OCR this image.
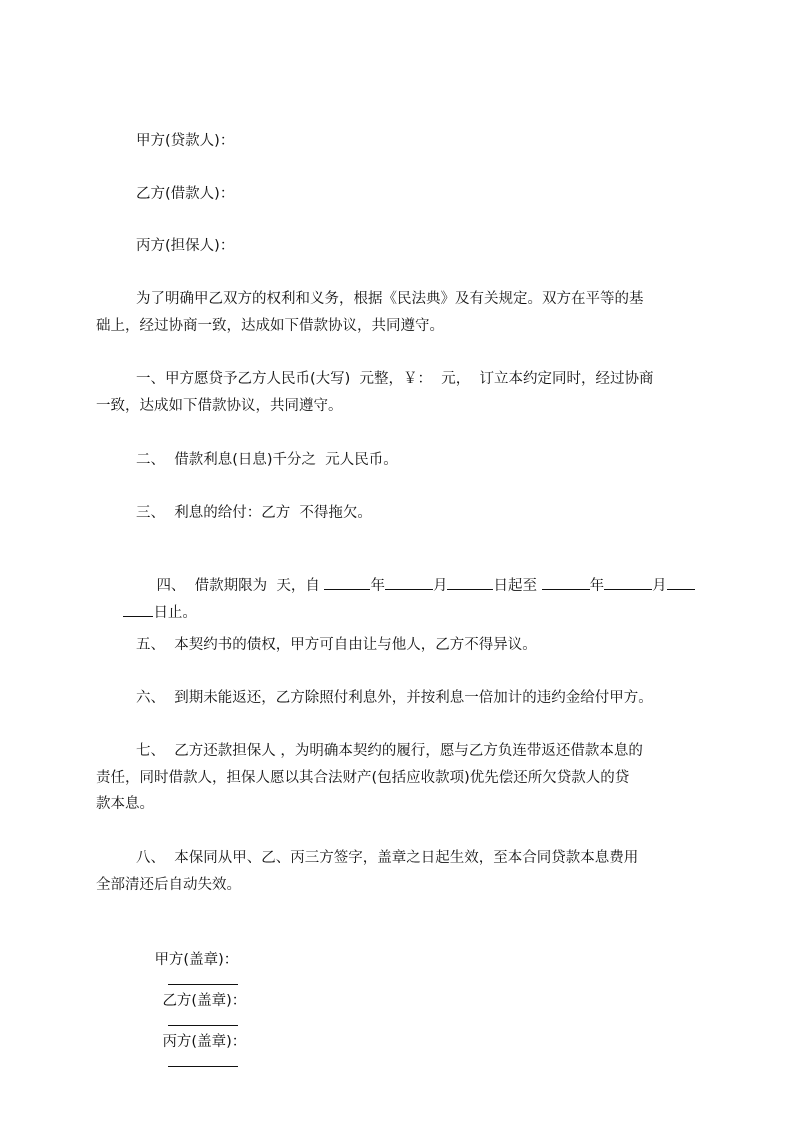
甲方(贷款人)：
乙方(借款人)：
丙方(担保人)：
为了明确甲乙双方的权利和义务，根据《民法典》及有关规定。双方在平等的基
础上，经过协商一致，达成如下借款协议，共同遵守。
一、甲方愿贷予乙方人民币(大写)  元整，￥：  元，  订立本约定同时，经过协商
一致，达成如下借款协议，共同遵守。
二、  借款利息(日息)千分之  元人民币。
三、  利息的给付：乙方  不得拖欠。

四、  借款期限为  天，自	年	月	日起至	年	月

日止。

五、  本契约书的债权，甲方可自由让与他人，乙方不得异议。
六、  到期未能返还，乙方除照付利息外，并按利息一倍加计的违约金给付甲方。
七、  乙方还款担保人 ，为明确本契约的履行，愿与乙方负连带返还借款本息的
责任，同时借款人，担保人愿以其合法财产(包括应收款项)优先偿还所欠贷款人的贷
款本息。
八、  本保同从甲、乙、丙三方签字，盖章之日起生效，至本合同贷款本息费用
全部清还后自动失效。

甲方(盖章)：

乙方(盖章)：

丙方(盖章)：
